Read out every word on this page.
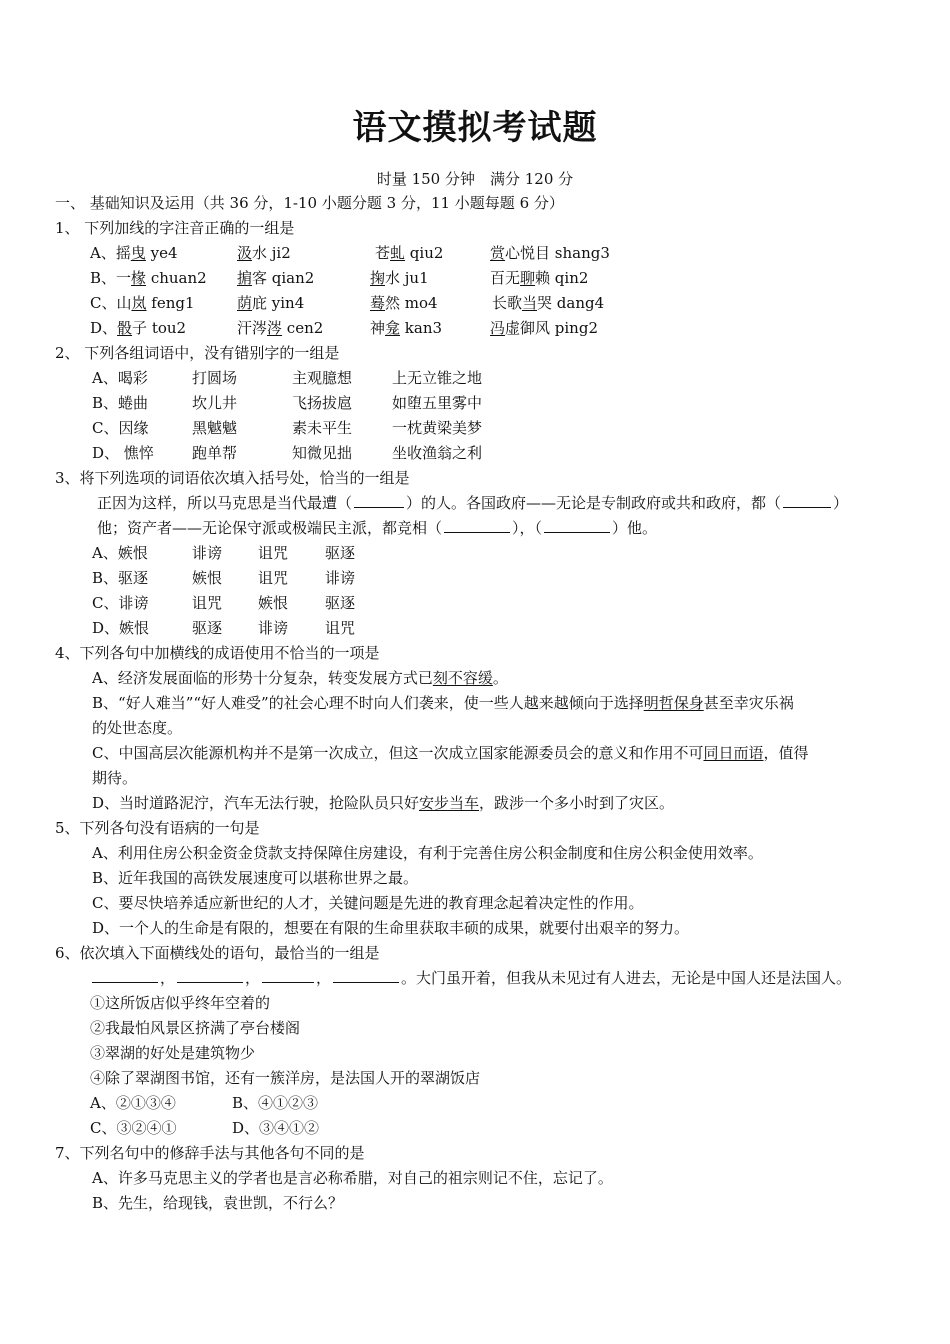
语文摸拟考试题
时量 150 分钟　满分 120 分
一、 基础知识及运用（共 36 分，1-10 小题分题 3 分，11 小题每题 6 分）
1、 下列加线的字注音正确的一组是
A、摇曳 ye4	汲水 ji2	苍虬 qiu2	赏心悦目 shang3
B、一椽 chuan2 掮客 qian2	掬水 ju1	百无聊赖 qin2
C、山岚 feng1	荫庇 yin4	蓦然 mo4	长歌当哭 dang4
D、骰子 tou2	汗涔涔 cen2	神龛 kan3	冯虚御风 ping2
2、 下列各组词语中，没有错别字的一组是
A、喝彩	打圆场	主观臆想	上无立锥之地
B、蜷曲	坎儿井	飞扬拔扈	如堕五里雾中
C、因缘	黑魆魆	素未平生	一枕黄梁美梦
D、 憔悴	跑单帮	知微见拙	坐收渔翁之利
3、将下列选项的词语依次填入括号处，恰当的一组是
正因为这样，所以马克思是当代最遭（	）的人。各国政府——无论是专制政府或共和政府，都（	）
他；资产者——无论保守派或极端民主派，都竞相（	），（	）他。
A、嫉恨	诽谤 诅咒 驱逐
B、驱逐	嫉恨 诅咒 诽谤
C、诽谤	诅咒 嫉恨 驱逐
D、嫉恨	驱逐 诽谤 诅咒
4、下列各句中加横线的成语使用不恰当的一项是
A、经济发展面临的形势十分复杂，转变发展方式已刻不容缓。
B、“好人难当”“好人难受”的社会心理不时向人们袭来，使一些人越来越倾向于选择明哲保身甚至幸灾乐祸
的处世态度。
C、中国高层次能源机构并不是第一次成立，但这一次成立国家能源委员会的意义和作用不可同日而语，值得
期待。
D、当时道路泥泞，汽车无法行驶，抢险队员只好安步当车，跋涉一个多小时到了灾区。
5、下列各句没有语病的一句是
A、利用住房公积金资金贷款支持保障住房建设，有利于完善住房公积金制度和住房公积金使用效率。
B、近年我国的高铁发展速度可以堪称世界之最。
C、要尽快培养适应新世纪的人才，关键问题是先进的教育理念起着决定性的作用。
D、一个人的生命是有限的，想要在有限的生命里获取丰硕的成果，就要付出艰辛的努力。
6、依次填入下面横线处的语句，最恰当的一组是
，	，	，	。大门虽开着，但我从未见过有人进去，无论是中国人还是法国人。
①这所饭店似乎终年空着的
②我最怕风景区挤满了亭台楼阁
③翠湖的好处是建筑物少
④除了翠湖图书馆，还有一簇洋房，是法国人开的翠湖饭店
A、②①③④	B、④①②③
C、③②④①	D、③④①②
7、下列名句中的修辞手法与其他各句不同的是
A、许多马克思主义的学者也是言必称希腊，对自己的祖宗则记不住，忘记了。
B、先生，给现钱，袁世凯，不行么？
